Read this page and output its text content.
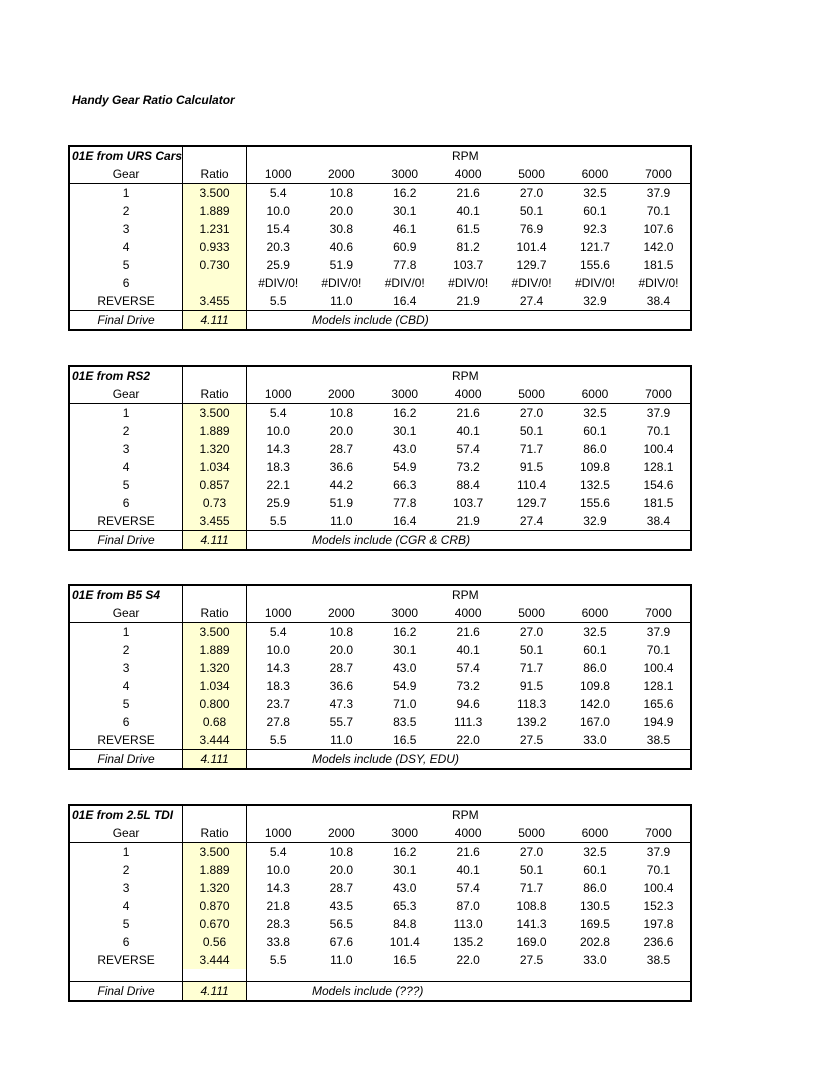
Handy Gear Ratio Calculator
01E from URS Cars		RPM						
Gear	Ratio	1000	2000	3000	4000	5000	6000	7000
1	3.500	5.4	10.8	16.2	21.6	27.0	32.5	37.9
2	1.889	10.0	20.0	30.1	40.1	50.1	60.1	70.1
3	1.231	15.4	30.8	46.1	61.5	76.9	92.3	107.6
4	0.933	20.3	40.6	60.9	81.2	101.4	121.7	142.0
5	0.730	25.9	51.9	77.8	103.7	129.7	155.6	181.5
6		#DIV/0!	#DIV/0!	#DIV/0!	#DIV/0!	#DIV/0!	#DIV/0!	#DIV/0!
REVERSE	3.455	5.5	11.0	16.4	21.9	27.4	32.9	38.4
Final Drive	4.111	Models include (CBD)						
01E from RS2		RPM						
Gear	Ratio	1000	2000	3000	4000	5000	6000	7000
1	3.500	5.4	10.8	16.2	21.6	27.0	32.5	37.9
2	1.889	10.0	20.0	30.1	40.1	50.1	60.1	70.1
3	1.320	14.3	28.7	43.0	57.4	71.7	86.0	100.4
4	1.034	18.3	36.6	54.9	73.2	91.5	109.8	128.1
5	0.857	22.1	44.2	66.3	88.4	110.4	132.5	154.6
6	0.73	25.9	51.9	77.8	103.7	129.7	155.6	181.5
REVERSE	3.455	5.5	11.0	16.4	21.9	27.4	32.9	38.4
Final Drive	4.111	Models include (CGR & CRB)						
01E from B5 S4		RPM						
Gear	Ratio	1000	2000	3000	4000	5000	6000	7000
1	3.500	5.4	10.8	16.2	21.6	27.0	32.5	37.9
2	1.889	10.0	20.0	30.1	40.1	50.1	60.1	70.1
3	1.320	14.3	28.7	43.0	57.4	71.7	86.0	100.4
4	1.034	18.3	36.6	54.9	73.2	91.5	109.8	128.1
5	0.800	23.7	47.3	71.0	94.6	118.3	142.0	165.6
6	0.68	27.8	55.7	83.5	111.3	139.2	167.0	194.9
REVERSE	3.444	5.5	11.0	16.5	22.0	27.5	33.0	38.5
Final Drive	4.111	Models include (DSY, EDU)						
01E from 2.5L TDI		RPM						
Gear	Ratio	1000	2000	3000	4000	5000	6000	7000
1	3.500	5.4	10.8	16.2	21.6	27.0	32.5	37.9
2	1.889	10.0	20.0	30.1	40.1	50.1	60.1	70.1
3	1.320	14.3	28.7	43.0	57.4	71.7	86.0	100.4
4	0.870	21.8	43.5	65.3	87.0	108.8	130.5	152.3
5	0.670	28.3	56.5	84.8	113.0	141.3	169.5	197.8
6	0.56	33.8	67.6	101.4	135.2	169.0	202.8	236.6
REVERSE	3.444	5.5	11.0	16.5	22.0	27.5	33.0	38.5

Final Drive	4.111	Models include (???)						
